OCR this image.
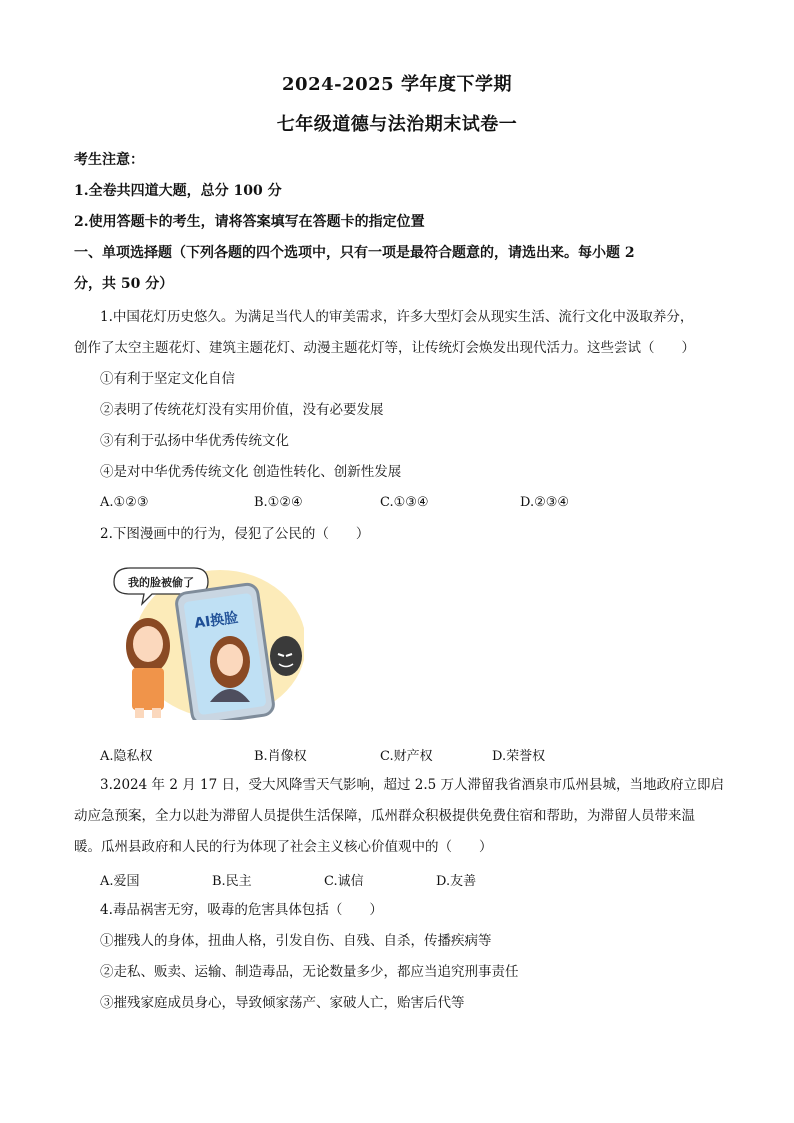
2024-2025 学年度下学期
七年级道德与法治期末试卷一
考生注意：
1.全卷共四道大题，总分 100 分
2.使用答题卡的考生，请将答案填写在答题卡的指定位置
一、单项选择题（下列各题的四个选项中，只有一项是最符合题意的，请选出来。每小题 2
分，共 50 分）
1.中国花灯历史悠久。为满足当代人的审美需求，许多大型灯会从现实生活、流行文化中汲取养分，
创作了太空主题花灯、建筑主题花灯、动漫主题花灯等，让传统灯会焕发出现代活力。这些尝试（　　）
①有利于坚定文化自信
②表明了传统花灯没有实用价值，没有必要发展
③有利于弘扬中华优秀传统文化
④是对中华优秀传统文化 创造性转化、创新性发展
A.①②③	B.①②④	C.①③④	D.②③④
2.下图漫画中的行为，侵犯了公民的（　　）
我的脸被偷了
AI换脸
A.隐私权	B.肖像权	C.财产权	D.荣誉权
3.2024 年 2 月 17 日，受大风降雪天气影响，超过 2.5 万人滞留我省酒泉市瓜州县城，当地政府立即启
动应急预案，全力以赴为滞留人员提供生活保障，瓜州群众积极提供免费住宿和帮助，为滞留人员带来温
暖。瓜州县政府和人民的行为体现了社会主义核心价值观中的（　　）
A.爱国	B.民主	C.诚信	D.友善
4.毒品祸害无穷，吸毒的危害具体包括（　　）
①摧残人的身体，扭曲人格，引发自伤、自残、自杀，传播疾病等
②走私、贩卖、运输、制造毒品，无论数量多少，都应当追究刑事责任
③摧残家庭成员身心，导致倾家荡产、家破人亡，贻害后代等
